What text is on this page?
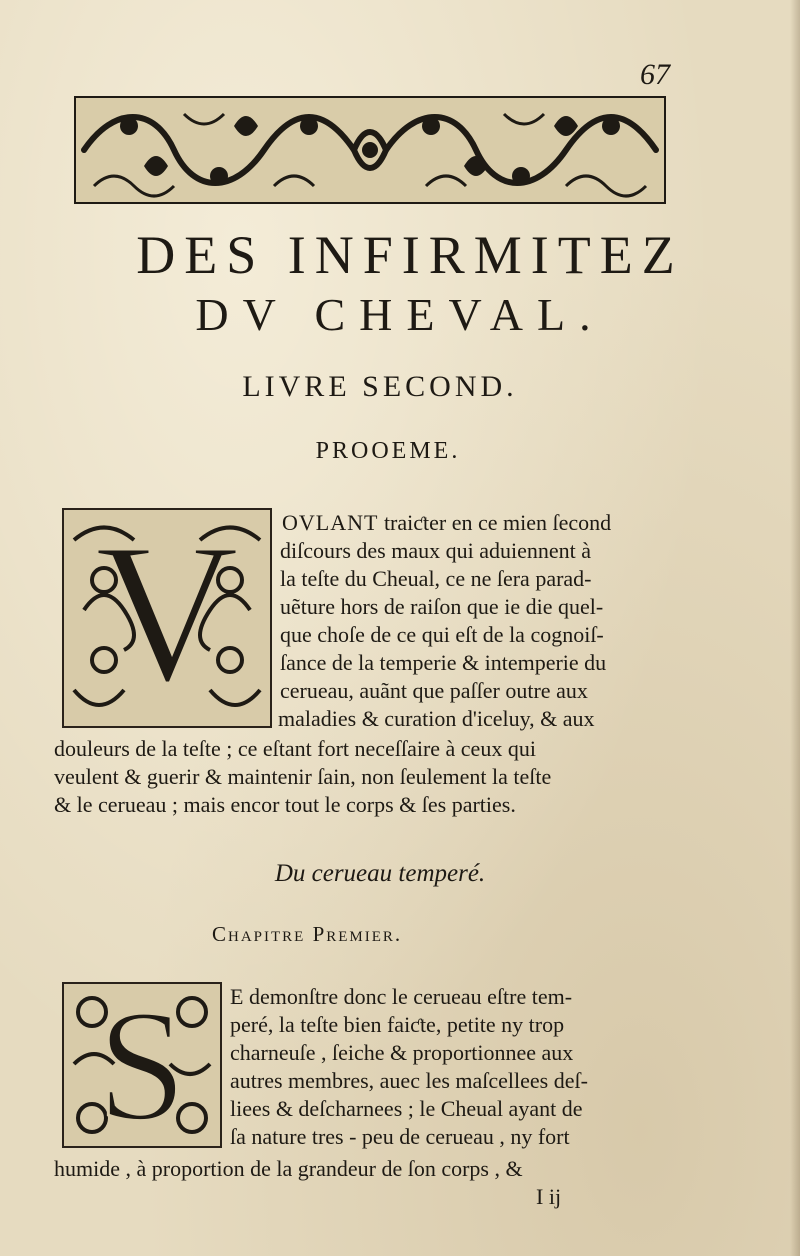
67
DES INFIRMITEZ
DV CHEVAL.
LIVRE SECOND.
PROOEME.
V OVLANT traiƈter en ce mien ſecond
diſcours des maux qui aduiennent à
la teſte du Cheual, ce ne ſera parad-
uẽture hors de raiſon que ie die quel-
que choſe de ce qui eſt de la cognoiſ-
ſance de la temperie & intemperie du
cerueau, auãnt que paſſer outre aux
maladies & curation d'iceluy, & aux
douleurs de la teſte ; ce eſtant fort neceſſaire à ceux qui
veulent & guerir & maintenir ſain, non ſeulement la teſte
& le cerueau ; mais encor tout le corps & ſes parties.
Du cerueau temperé.
Chapitre Premier.
S E demonſtre donc le cerueau eſtre tem-
peré, la teſte bien faiƈte, petite ny trop
charneuſe , ſeiche & proportionnee aux
autres membres, auec les maſcellees deſ-
liees & deſcharnees ; le Cheual ayant de
ſa nature tres - peu de cerueau , ny fort
humide , à proportion de la grandeur de ſon corps , &
I ij
